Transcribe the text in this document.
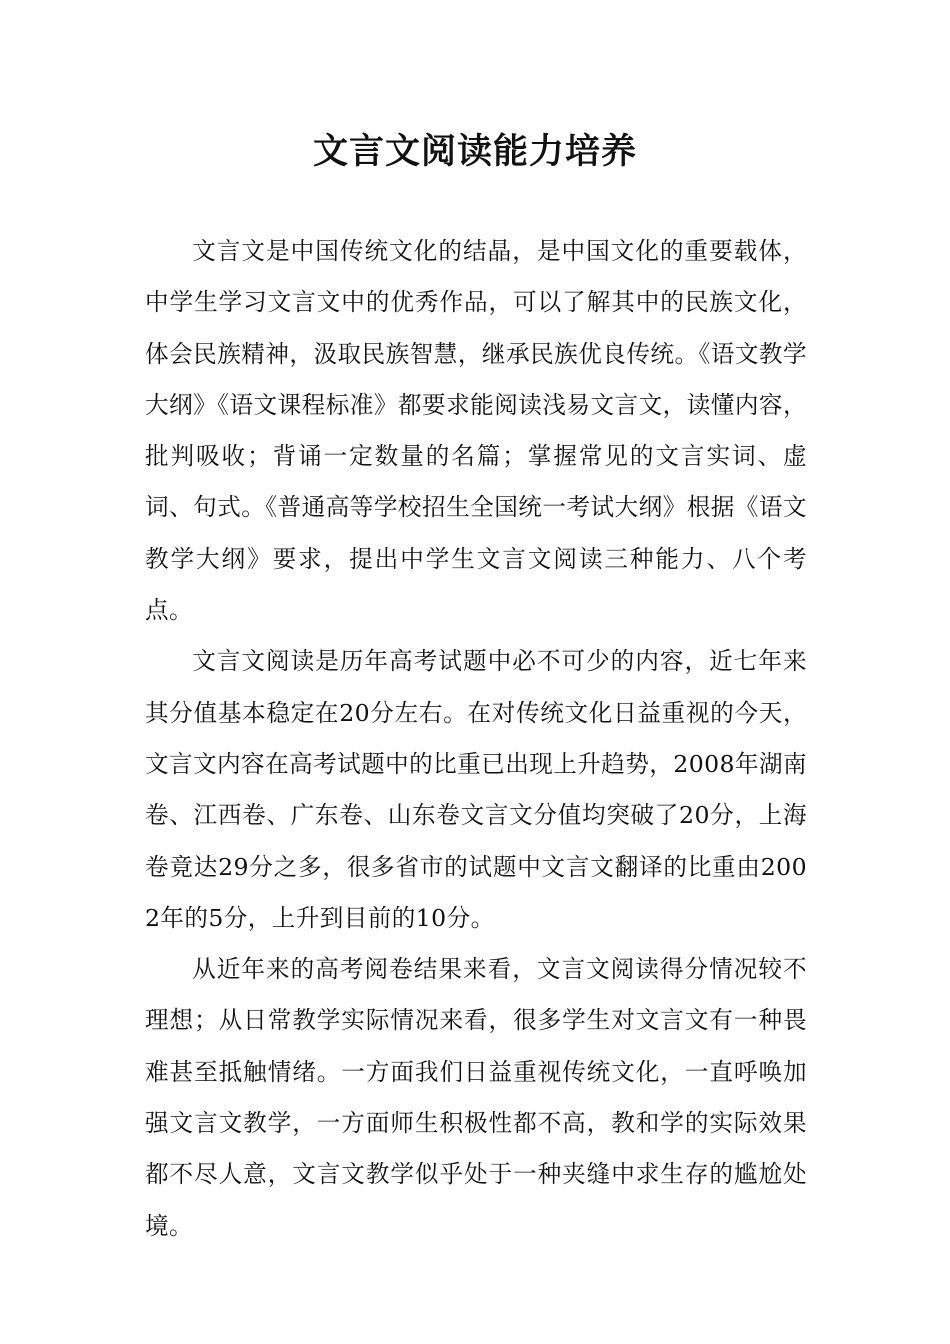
文言文阅读能力培养

文言文是中国传统文化的结晶，是中国文化的重要载体，中学生学习文言文中的优秀作品，可以了解其中的民族文化，体会民族精神，汲取民族智慧，继承民族优良传统。《语文教学大纲》《语文课程标准》都要求能阅读浅易文言文，读懂内容，批判吸收；背诵一定数量的名篇；掌握常见的文言实词、虚词、句式。《普通高等学校招生全国统一考试大纲》根据《语文教学大纲》要求，提出中学生文言文阅读三种能力、八个考点。

文言文阅读是历年高考试题中必不可少的内容，近七年来其分值基本稳定在20分左右。在对传统文化日益重视的今天，文言文内容在高考试题中的比重已出现上升趋势，2008年湖南卷、江西卷、广东卷、山东卷文言文分值均突破了20分，上海卷竟达29分之多，很多省市的试题中文言文翻译的比重由2002年的5分，上升到目前的10分。

从近年来的高考阅卷结果来看，文言文阅读得分情况较不理想；从日常教学实际情况来看，很多学生对文言文有一种畏难甚至抵触情绪。一方面我们日益重视传统文化，一直呼唤加强文言文教学，一方面师生积极性都不高，教和学的实际效果都不尽人意，文言文教学似乎处于一种夹缝中求生存的尴尬处境。
